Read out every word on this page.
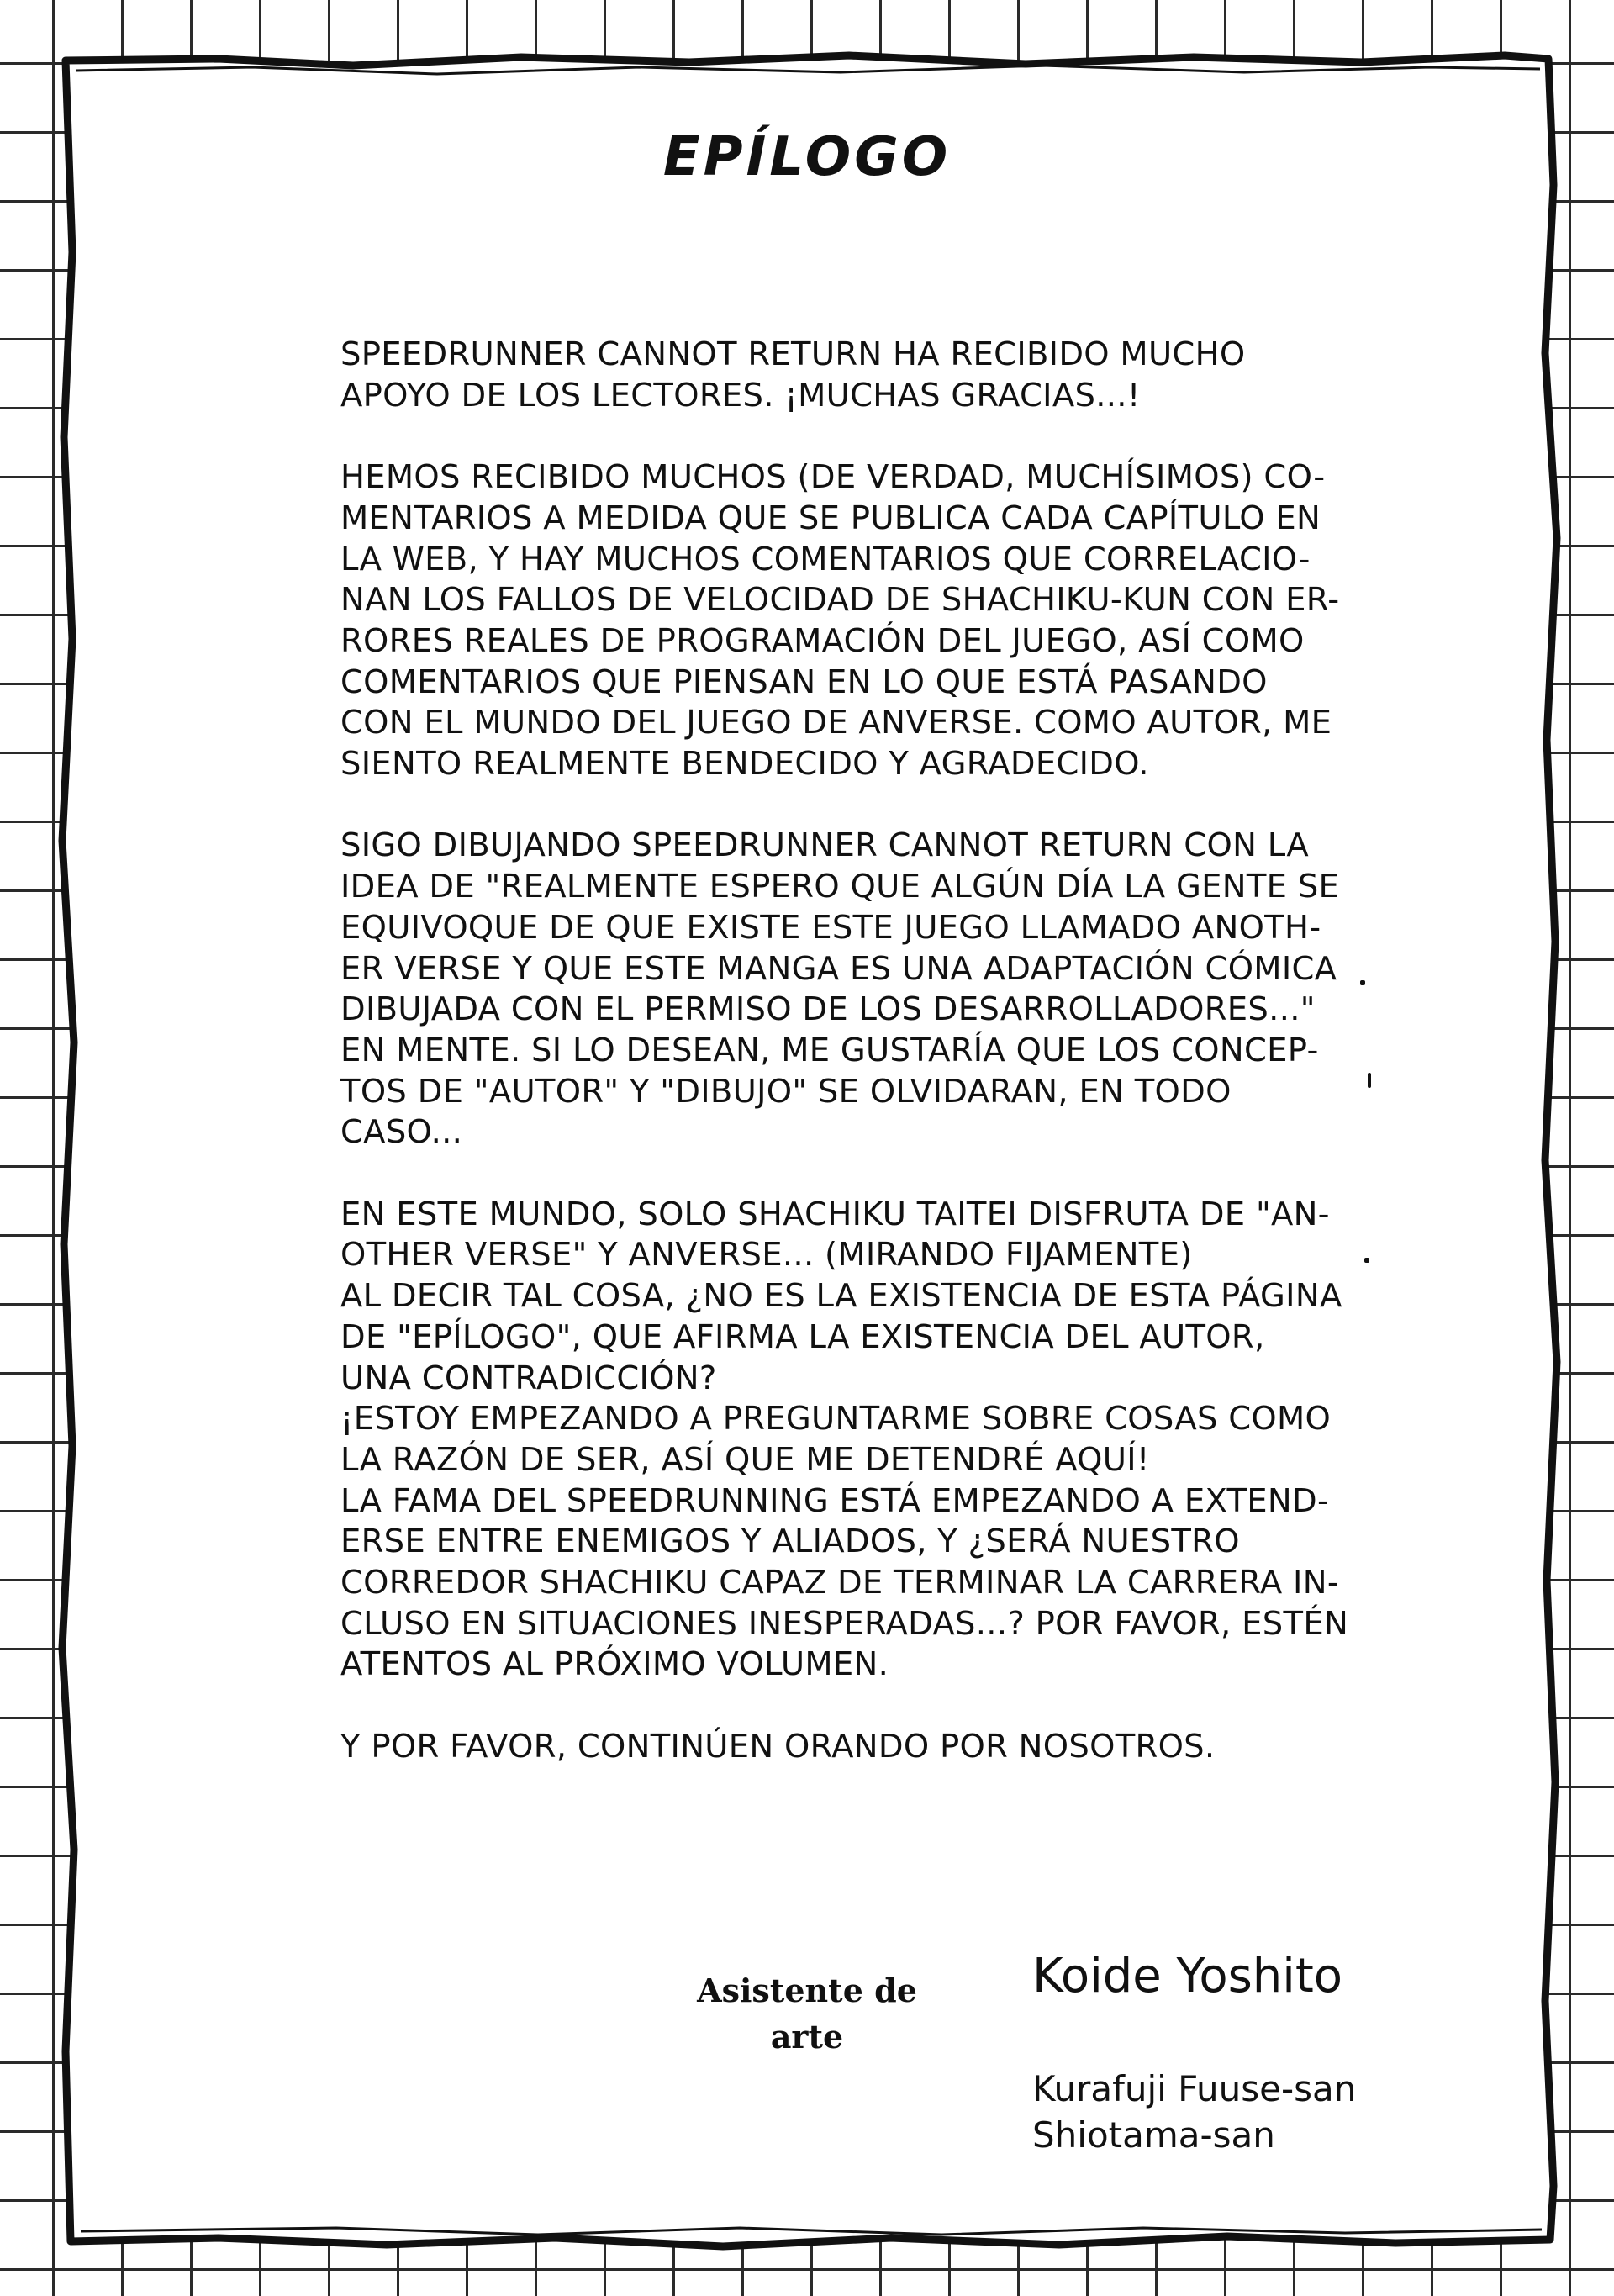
EPÍLOGO
SPEEDRUNNER CANNOT RETURN HA RECIBIDO MUCHO
APOYO DE LOS LECTORES. ¡MUCHAS GRACIAS...!
HEMOS RECIBIDO MUCHOS (DE VERDAD, MUCHÍSIMOS) CO-
MENTARIOS A MEDIDA QUE SE PUBLICA CADA CAPÍTULO EN
LA WEB, Y HAY MUCHOS COMENTARIOS QUE CORRELACIO-
NAN LOS FALLOS DE VELOCIDAD DE SHACHIKU-KUN CON ER-
RORES REALES DE PROGRAMACIÓN DEL JUEGO, ASÍ COMO
COMENTARIOS QUE PIENSAN EN LO QUE ESTÁ PASANDO
CON EL MUNDO DEL JUEGO DE ANVERSE. COMO AUTOR, ME
SIENTO REALMENTE BENDECIDO Y AGRADECIDO.
SIGO DIBUJANDO SPEEDRUNNER CANNOT RETURN CON LA
IDEA DE "REALMENTE ESPERO QUE ALGÚN DÍA LA GENTE SE
EQUIVOQUE DE QUE EXISTE ESTE JUEGO LLAMADO ANOTH-
ER VERSE Y QUE ESTE MANGA ES UNA ADAPTACIÓN CÓMICA
DIBUJADA CON EL PERMISO DE LOS DESARROLLADORES..."
EN MENTE. SI LO DESEAN, ME GUSTARÍA QUE LOS CONCEP-
TOS DE "AUTOR" Y "DIBUJO" SE OLVIDARAN, EN TODO
CASO...
EN ESTE MUNDO, SOLO SHACHIKU TAITEI DISFRUTA DE "AN-
OTHER VERSE" Y ANVERSE... (MIRANDO FIJAMENTE)
AL DECIR TAL COSA, ¿NO ES LA EXISTENCIA DE ESTA PÁGINA
DE "EPÍLOGO", QUE AFIRMA LA EXISTENCIA DEL AUTOR,
UNA CONTRADICCIÓN?
¡ESTOY EMPEZANDO A PREGUNTARME SOBRE COSAS COMO
LA RAZÓN DE SER, ASÍ QUE ME DETENDRÉ AQUÍ!
LA FAMA DEL SPEEDRUNNING ESTÁ EMPEZANDO A EXTEND-
ERSE ENTRE ENEMIGOS Y ALIADOS, Y ¿SERÁ NUESTRO
CORREDOR SHACHIKU CAPAZ DE TERMINAR LA CARRERA IN-
CLUSO EN SITUACIONES INESPERADAS...? POR FAVOR, ESTÉN
ATENTOS AL PRÓXIMO VOLUMEN.
Y POR FAVOR, CONTINÚEN ORANDO POR NOSOTROS.
Asistente de
arte
Koide Yoshito
Kurafuji Fuuse-san
Shiotama-san
